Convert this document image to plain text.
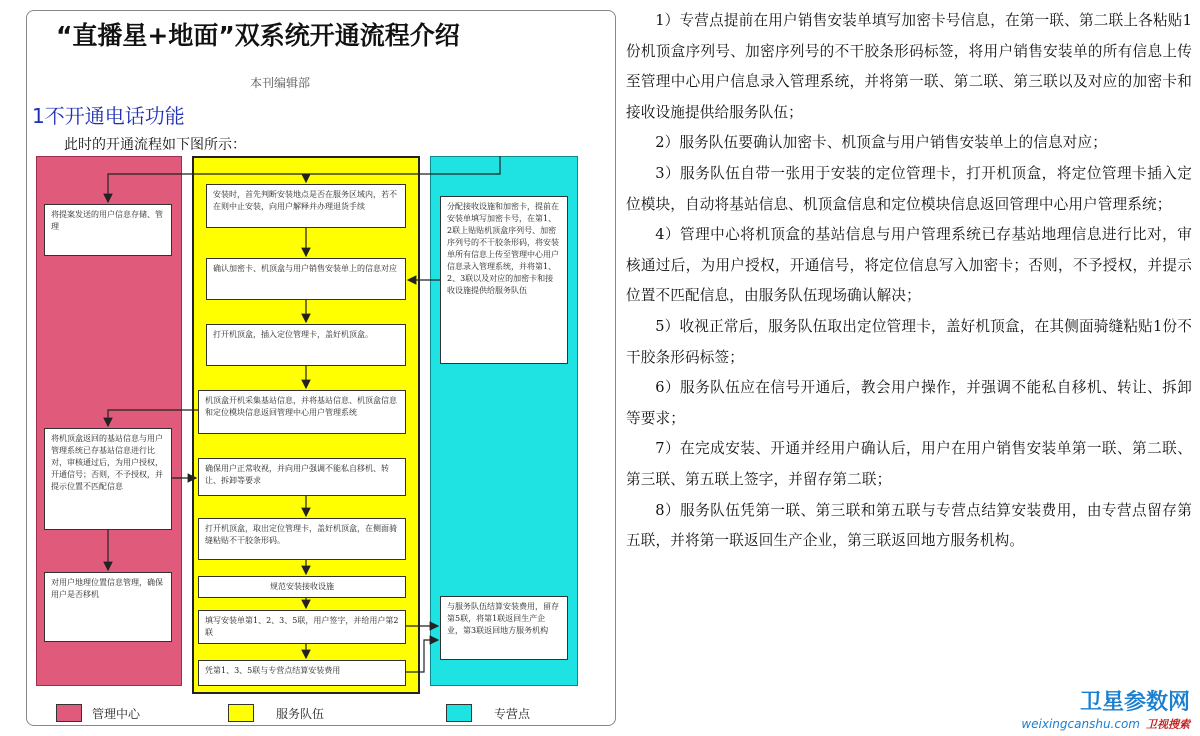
“直播星+地面”双系统开通流程介绍
本刊编辑部
1不开通电话功能
此时的开通流程如下图所示：
将提案发送的用户信息存储、管理
将机顶盒返回的基站信息与用户管理系统已存基站信息进行比对，审核通过后，为用户授权，开通信号；否则，不予授权，并提示位置不匹配信息
对用户地理位置信息管理，确保用户是否移机
安装时，首先判断安装地点是否在服务区域内，若不在则中止安装，向用户解释并办理退货手续
确认加密卡、机顶盒与用户销售安装单上的信息对应
打开机顶盒，插入定位管理卡，盖好机顶盒。
机顶盒开机采集基站信息，并将基站信息、机顶盒信息和定位模块信息返回管理中心用户管理系统
确保用户正常收视，并向用户强调不能私自移机、转让、拆卸等要求
打开机顶盒，取出定位管理卡，盖好机顶盒，在侧面骑缝粘贴不干胶条形码。
规范安装接收设施
填写安装单第1、2、3、5联，用户签字，并给用户第2联
凭第1、3、5联与专营点结算安装费用
分配接收设施和加密卡，提前在安装单填写加密卡号，在第1、2联上贴贴机顶盒序列号、加密序列号的不干胶条形码，将安装单所有信息上传至管理中心用户信息录入管理系统，并将第1、2、3联以及对应的加密卡和接收设施提供给服务队伍
与服务队伍结算安装费用，留存第5联，将第1联返回生产企业，第3联返回地方服务机构
管理中心	服务队伍	专营点

1）专营点提前在用户销售安装单填写加密卡号信息，在第一联、第二联上各粘贴1份机顶盒序列号、加密序列号的不干胶条形码标签，将用户销售安装单的所有信息上传至管理中心用户信息录入管理系统，并将第一联、第二联、第三联以及对应的加密卡和接收设施提供给服务队伍；

2）服务队伍要确认加密卡、机顶盒与用户销售安装单上的信息对应；

3）服务队伍自带一张用于安装的定位管理卡，打开机顶盒，将定位管理卡插入定位模块，自动将基站信息、机顶盒信息和定位模块信息返回管理中心用户管理系统；

4）管理中心将机顶盒的基站信息与用户管理系统已存基站地理信息进行比对，审核通过后，为用户授权，开通信号，将定位信息写入加密卡；否则，不予授权，并提示位置不匹配信息，由服务队伍现场确认解决；

5）收视正常后，服务队伍取出定位管理卡，盖好机顶盒，在其侧面骑缝粘贴1份不干胶条形码标签；

6）服务队伍应在信号开通后，教会用户操作，并强调不能私自移机、转让、拆卸等要求；

7）在完成安装、开通并经用户确认后，用户在用户销售安装单第一联、第二联、第三联、第五联上签字，并留存第二联；

8）服务队伍凭第一联、第三联和第五联与专营点结算安装费用，由专营点留存第五联，并将第一联返回生产企业，第三联返回地方服务机构。

卫星参数网
weixingcanshu.com 卫视搜索
